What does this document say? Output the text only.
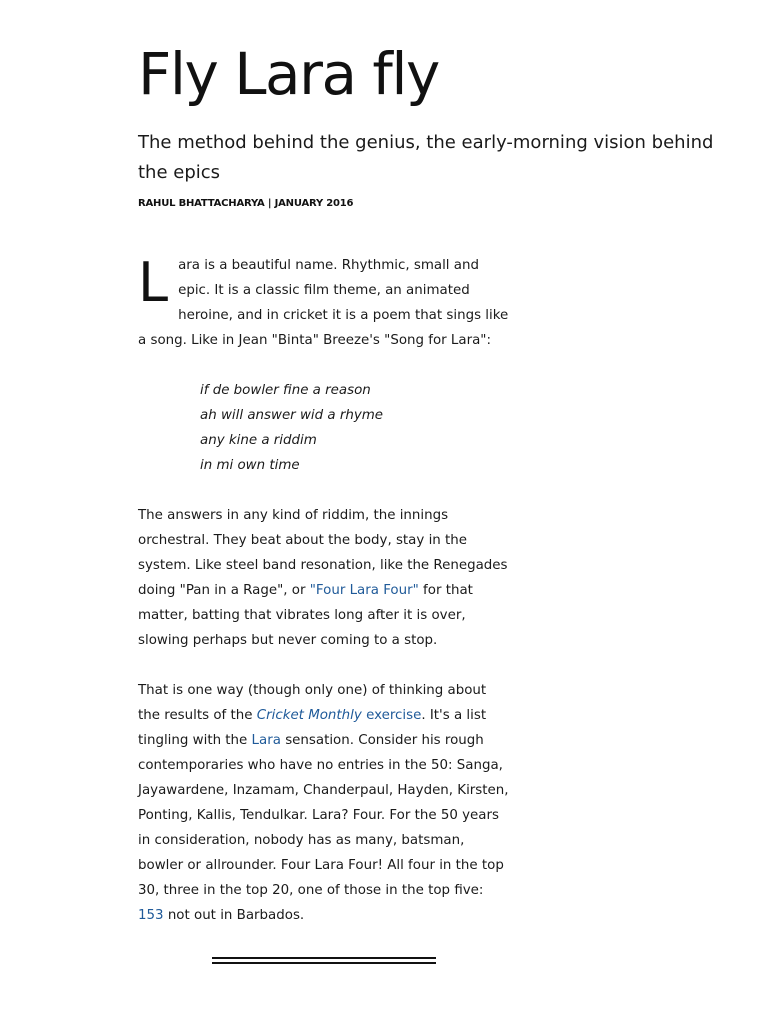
Fly Lara fly

The method behind the genius, the early-morning vision behind the epics

RAHUL BHATTACHARYA | JANUARY 2016

Lara is a beautiful name. Rhythmic, small and epic. It is a classic film theme, an animated heroine, and in cricket it is a poem that sings like a song. Like in Jean "Binta" Breeze's "Song for Lara":

if de bowler fine a reason
ah will answer wid a rhyme
any kine a riddim
in mi own time

The answers in any kind of riddim, the innings orchestral. They beat about the body, stay in the system. Like steel band resonation, like the Renegades doing "Pan in a Rage", or "Four Lara Four" for that matter, batting that vibrates long after it is over, slowing perhaps but never coming to a stop.

That is one way (though only one) of thinking about the results of the Cricket Monthly exercise. It's a list tingling with the Lara sensation. Consider his rough contemporaries who have no entries in the 50: Sanga, Jayawardene, Inzamam, Chanderpaul, Hayden, Kirsten, Ponting, Kallis, Tendulkar. Lara? Four. For the 50 years in consideration, nobody has as many, batsman, bowler or allrounder. Four Lara Four! All four in the top 30, three in the top 20, one of those in the top five: 153 not out in Barbados.
